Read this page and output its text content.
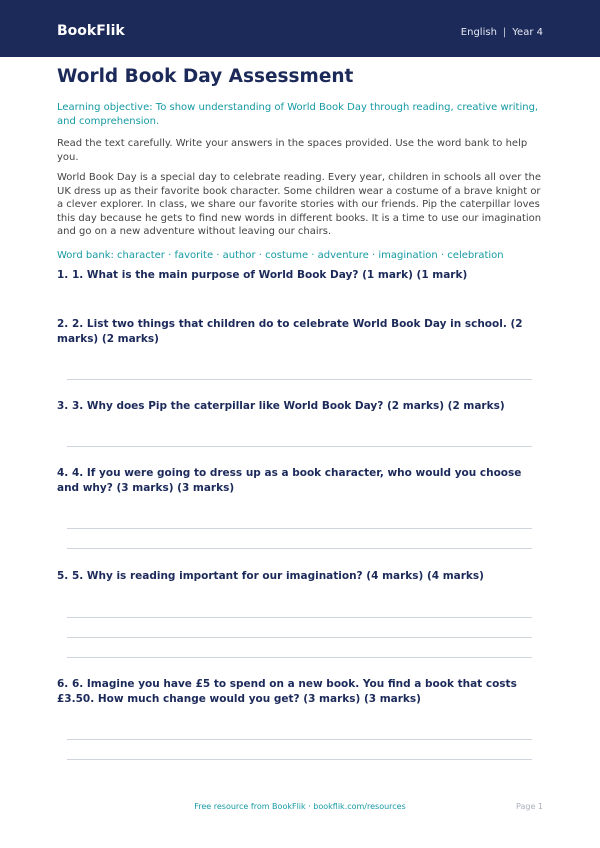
BookFlik	English | Year 4
World Book Day Assessment

Learning objective: To show understanding of World Book Day through reading, creative writing, and comprehension.

Read the text carefully. Write your answers in the spaces provided. Use the word bank to help you.

World Book Day is a special day to celebrate reading. Every year, children in schools all over the UK dress up as their favorite book character. Some children wear a costume of a brave knight or a clever explorer. In class, we share our favorite stories with our friends. Pip the caterpillar loves this day because he gets to find new words in different books. It is a time to use our imagination and go on a new adventure without leaving our chairs.

Word bank: character · favorite · author · costume · adventure · imagination · celebration

1. 1. What is the main purpose of World Book Day? (1 mark) (1 mark)
2. 2. List two things that children do to celebrate World Book Day in school. (2 marks) (2 marks)
3. 3. Why does Pip the caterpillar like World Book Day? (2 marks) (2 marks)
4. 4. If you were going to dress up as a book character, who would you choose and why? (3 marks) (3 marks)
5. 5. Why is reading important for our imagination? (4 marks) (4 marks)
6. 6. Imagine you have £5 to spend on a new book. You find a book that costs £3.50. How much change would you get? (3 marks) (3 marks)
Free resource from BookFlik · bookflik.com/resources	Page 1
